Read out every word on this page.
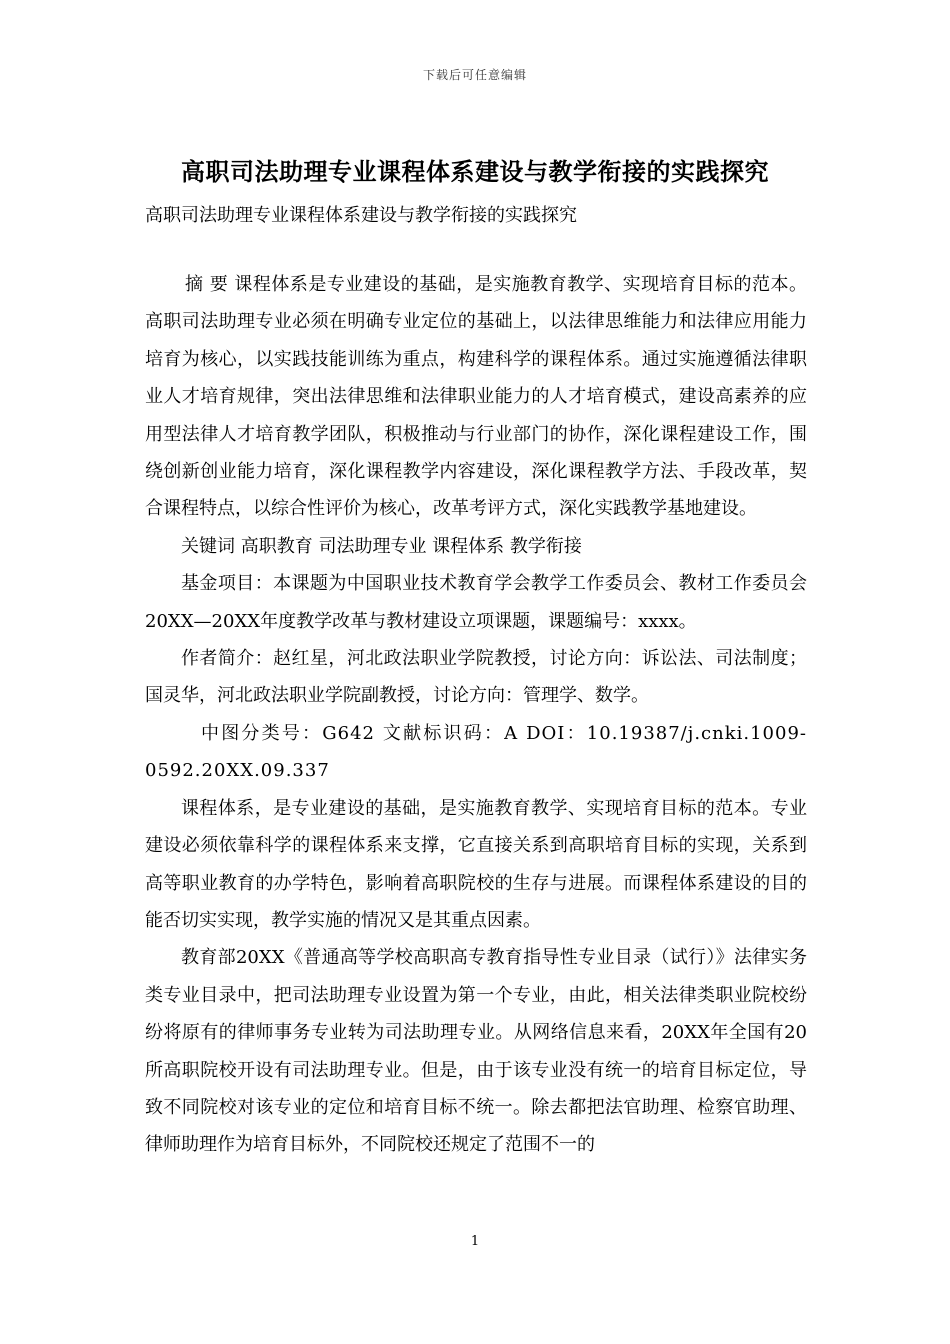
下载后可任意编辑
高职司法助理专业课程体系建设与教学衔接的实践探究
高职司法助理专业课程体系建设与教学衔接的实践探究

摘 要 课程体系是专业建设的基础，是实施教育教学、实现培育目标的范本。高职司法助理专业必须在明确专业定位的基础上，以法律思维能力和法律应用能力培育为核心，以实践技能训练为重点，构建科学的课程体系。通过实施遵循法律职业人才培育规律，突出法律思维和法律职业能力的人才培育模式，建设高素养的应用型法律人才培育教学团队，积极推动与行业部门的协作，深化课程建设工作，围绕创新创业能力培育，深化课程教学内容建设，深化课程教学方法、手段改革，契合课程特点，以综合性评价为核心，改革考评方式，深化实践教学基地建设。

关键词 高职教育 司法助理专业 课程体系 教学衔接

基金项目：本课题为中国职业技术教育学会教学工作委员会、教材工作委员会20XX—20XX年度教学改革与教材建设立项课题，课题编号：xxxx。

作者简介：赵红星，河北政法职业学院教授，讨论方向：诉讼法、司法制度；国灵华，河北政法职业学院副教授，讨论方向：管理学、数学。

中图分类号：G642 文献标识码：A DOI：10.19387/j.cnki.1009-0592.20XX.09.337

课程体系，是专业建设的基础，是实施教育教学、实现培育目标的范本。专业建设必须依靠科学的课程体系来支撑，它直接关系到高职培育目标的实现，关系到高等职业教育的办学特色，影响着高职院校的生存与进展。而课程体系建设的目的能否切实实现，教学实施的情况又是其重点因素。

教育部20XX《普通高等学校高职高专教育指导性专业目录（试行）》法律实务类专业目录中，把司法助理专业设置为第一个专业，由此，相关法律类职业院校纷纷将原有的律师事务专业转为司法助理专业。从网络信息来看，20XX年全国有20所高职院校开设有司法助理专业。但是，由于该专业没有统一的培育目标定位，导致不同院校对该专业的定位和培育目标不统一。除去都把法官助理、检察官助理、律师助理作为培育目标外，不同院校还规定了范围不一的

1
